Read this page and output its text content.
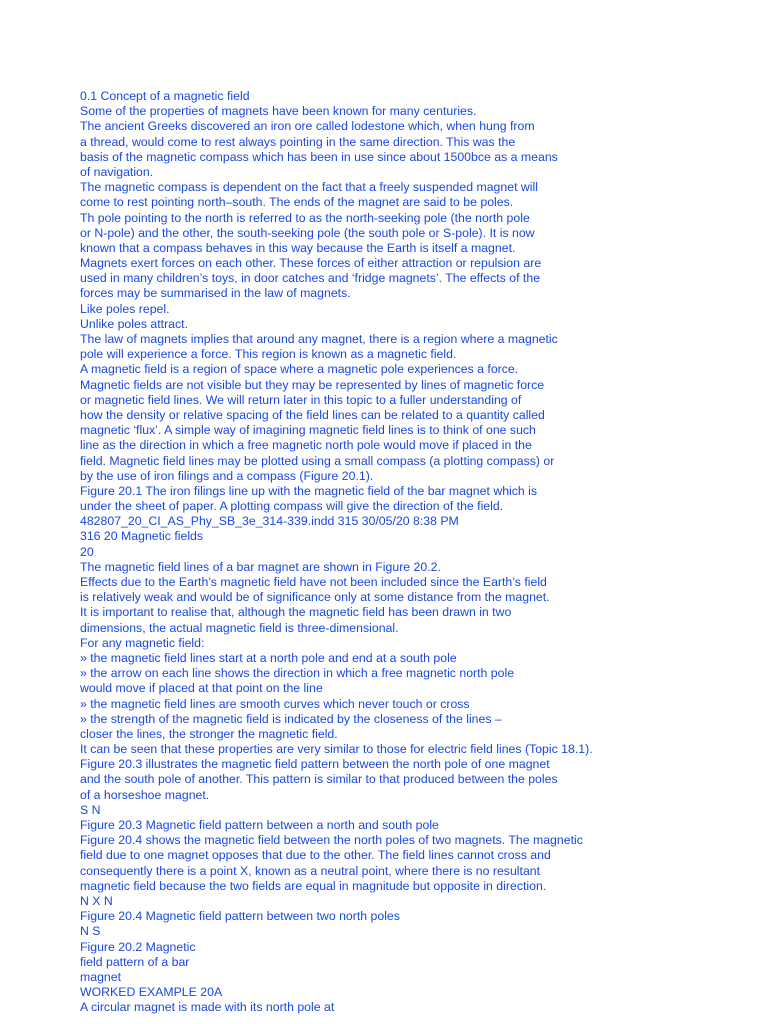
0.1 Concept of a magnetic field
Some of the properties of magnets have been known for many centuries.
The ancient Greeks discovered an iron ore called lodestone which, when hung from
a thread, would come to rest always pointing in the same direction. This was the
basis of the magnetic compass which has been in use since about 1500bce as a means
of navigation.
The magnetic compass is dependent on the fact that a freely suspended magnet will
come to rest pointing north–south. The ends of the magnet are said to be poles.
Th pole pointing to the north is referred to as the north-seeking pole (the north pole
or N-pole) and the other, the south-seeking pole (the south pole or S-pole). It is now
known that a compass behaves in this way because the Earth is itself a magnet.
Magnets exert forces on each other. These forces of either attraction or repulsion are
used in many children’s toys, in door catches and ‘fridge magnets’. The effects of the
forces may be summarised in the law of magnets.
Like poles repel.
Unlike poles attract.
The law of magnets implies that around any magnet, there is a region where a magnetic
pole will experience a force. This region is known as a magnetic field.
A magnetic field is a region of space where a magnetic pole experiences a force.
Magnetic fields are not visible but they may be represented by lines of magnetic force
or magnetic field lines. We will return later in this topic to a fuller understanding of
how the density or relative spacing of the field lines can be related to a quantity called
magnetic ‘flux’. A simple way of imagining magnetic field lines is to think of one such
line as the direction in which a free magnetic north pole would move if placed in the
field. Magnetic field lines may be plotted using a small compass (a plotting compass) or
by the use of iron filings and a compass (Figure 20.1).
Figure 20.1 The iron filings line up with the magnetic field of the bar magnet which is
under the sheet of paper. A plotting compass will give the direction of the field.
482807_20_CI_AS_Phy_SB_3e_314-339.indd 315 30/05/20 8:38 PM
316 20 Magnetic fields
20
The magnetic field lines of a bar magnet are shown in Figure 20.2.
Effects due to the Earth’s magnetic field have not been included since the Earth’s field
is relatively weak and would be of significance only at some distance from the magnet.
It is important to realise that, although the magnetic field has been drawn in two
dimensions, the actual magnetic field is three-dimensional.
For any magnetic field:
» the magnetic field lines start at a north pole and end at a south pole
» the arrow on each line shows the direction in which a free magnetic north pole
would move if placed at that point on the line
» the magnetic field lines are smooth curves which never touch or cross
» the strength of the magnetic field is indicated by the closeness of the lines –
closer the lines, the stronger the magnetic field.
It can be seen that these properties are very similar to those for electric field lines (Topic 18.1).
Figure 20.3 illustrates the magnetic field pattern between the north pole of one magnet
and the south pole of another. This pattern is similar to that produced between the poles
of a horseshoe magnet.
S N
Figure 20.3 Magnetic field pattern between a north and south pole
Figure 20.4 shows the magnetic field between the north poles of two magnets. The magnetic
field due to one magnet opposes that due to the other. The field lines cannot cross and
consequently there is a point X, known as a neutral point, where there is no resultant
magnetic field because the two fields are equal in magnitude but opposite in direction.
N X N
Figure 20.4 Magnetic field pattern between two north poles
N S
Figure 20.2 Magnetic
field pattern of a bar
magnet
WORKED EXAMPLE 20A
A circular magnet is made with its north pole at
